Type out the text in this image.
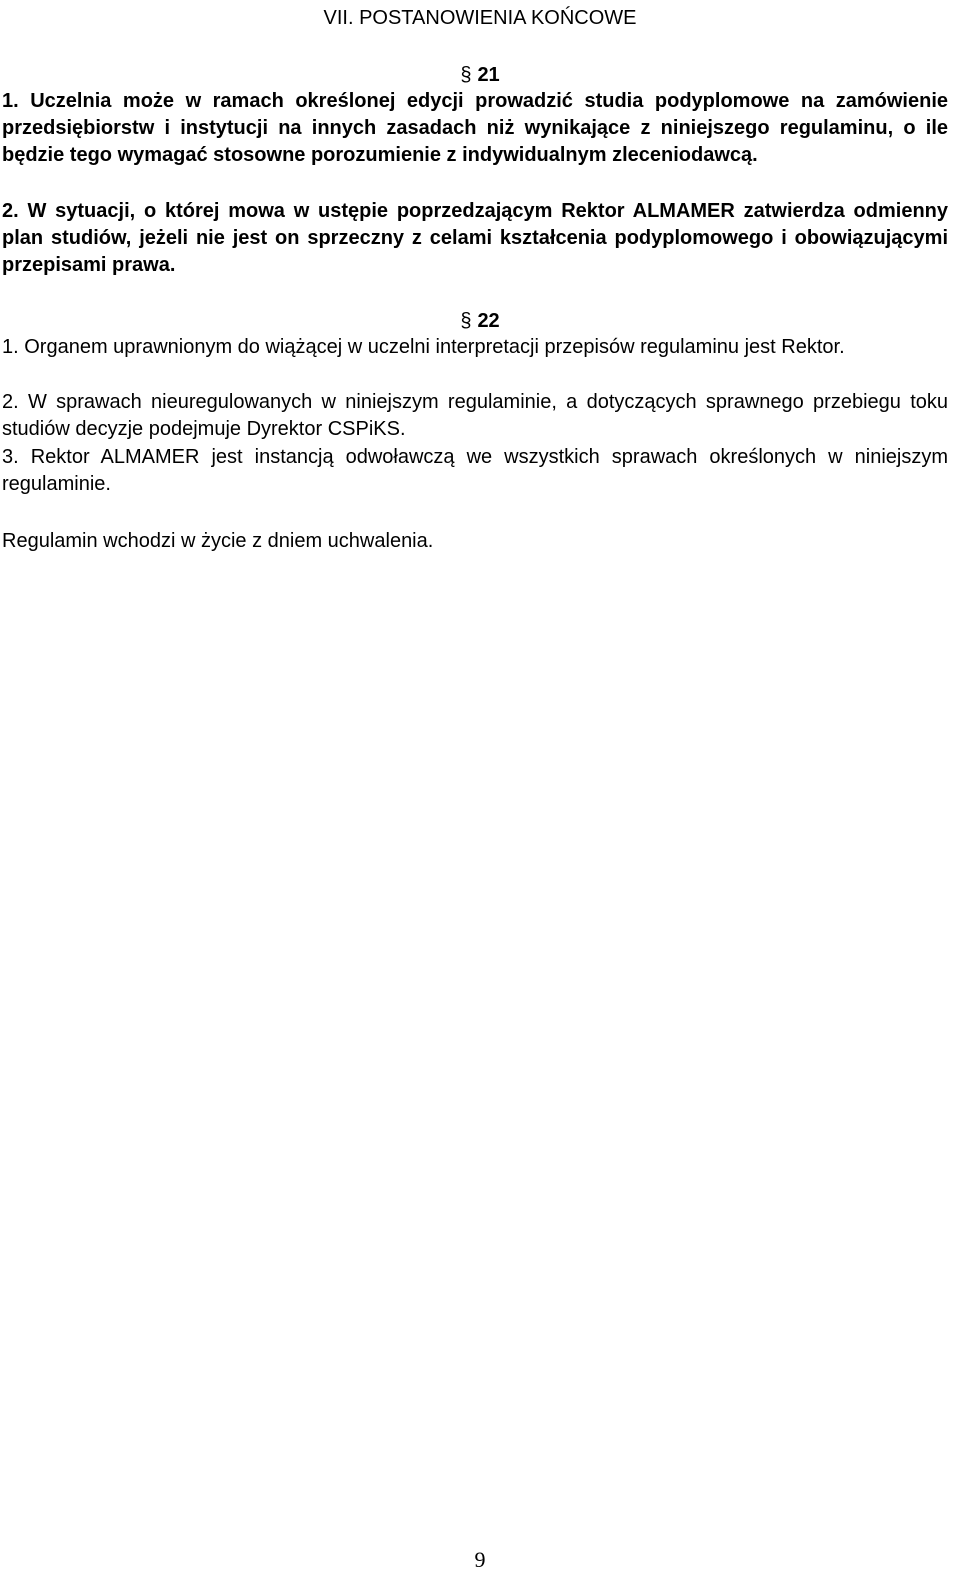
VII. POSTANOWIENIA KOŃCOWE
§ 21
1. Uczelnia może w ramach określonej edycji prowadzić studia podyplomowe na zamówienie przedsiębiorstw i instytucji na innych zasadach niż wynikające z niniejszego regulaminu, o ile będzie tego wymagać stosowne porozumienie z indywidualnym zleceniodawcą.
2. W sytuacji, o której mowa w ustępie poprzedzającym Rektor ALMAMER zatwierdza odmienny plan studiów, jeżeli nie jest on sprzeczny z celami kształcenia podyplomowego i obowiązującymi przepisami prawa.
§ 22
1. Organem uprawnionym do wiążącej w uczelni interpretacji przepisów regulaminu jest Rektor.
2. W sprawach nieuregulowanych w niniejszym regulaminie, a dotyczących sprawnego przebiegu toku studiów decyzje podejmuje Dyrektor CSPiKS.
3. Rektor ALMAMER jest instancją odwoławczą we wszystkich sprawach określonych w niniejszym regulaminie.
Regulamin wchodzi w życie z dniem uchwalenia.
9
